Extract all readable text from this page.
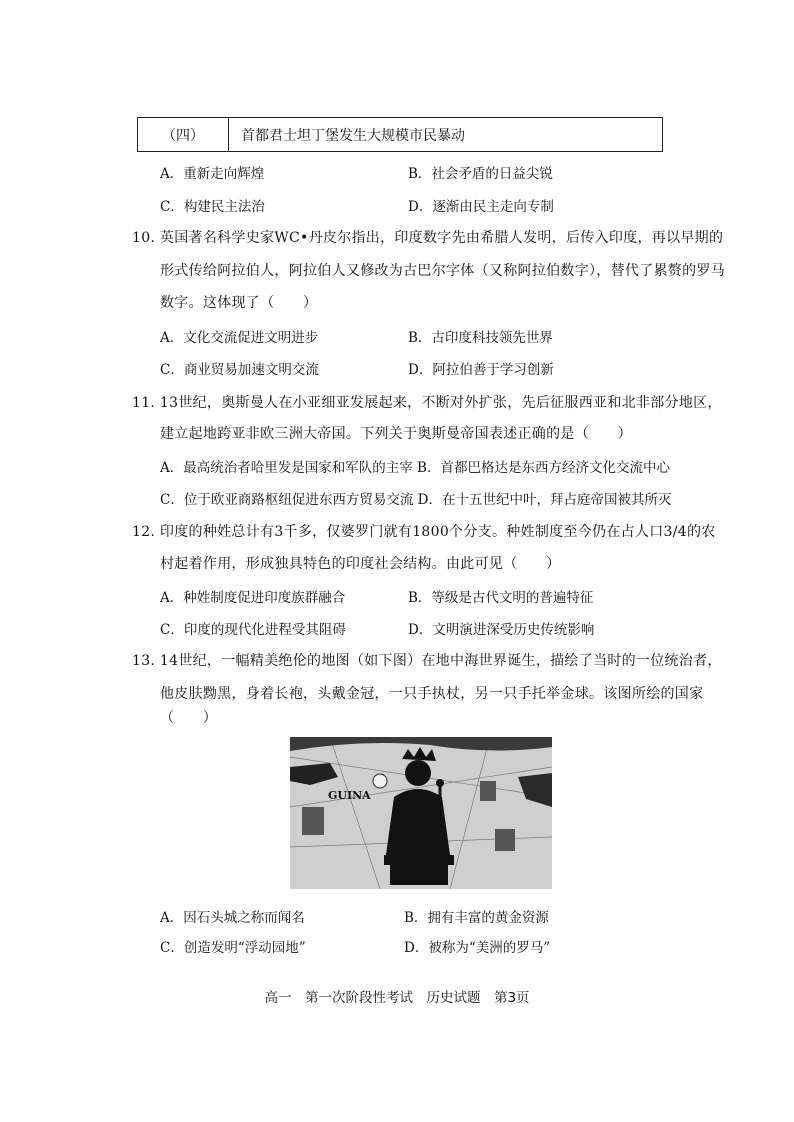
（四）	首都君士坦丁堡发生大规模市民暴动
A．重新走向辉煌	B．社会矛盾的日益尖锐
C．构建民主法治	D．逐渐由民主走向专制
10. 英国著名科学史家WC•丹皮尔指出，印度数字先由希腊人发明，后传入印度，再以早期的
形式传给阿拉伯人，阿拉伯人又修改为古巴尔字体（又称阿拉伯数字），替代了累赘的罗马
数字。这体现了（　　）
A．文化交流促进文明进步	B．古印度科技领先世界
C．商业贸易加速文明交流	D．阿拉伯善于学习创新
11. 13世纪，奥斯曼人在小亚细亚发展起来，不断对外扩张，先后征服西亚和北非部分地区，
建立起地跨亚非欧三洲大帝国。下列关于奥斯曼帝国表述正确的是（　　）
A．最高统治者哈里发是国家和军队的主宰 B．首都巴格达是东西方经济文化交流中心
C．位于欧亚商路枢纽促进东西方贸易交流 D．在十五世纪中叶，拜占庭帝国被其所灭
12. 印度的种姓总计有3千多，仅婆罗门就有1800个分支。种姓制度至今仍在占人口3/4的农
村起着作用，形成独具特色的印度社会结构。由此可见（　　）
A．种姓制度促进印度族群融合	B．等级是古代文明的普遍特征
C．印度的现代化进程受其阻碍	D．文明演进深受历史传统影响
13. 14世纪，一幅精美绝伦的地图（如下图）在地中海世界诞生，描绘了当时的一位统治者，
他皮肤黝黑，身着长袍，头戴金冠，一只手执杖，另一只手托举金球。该图所绘的国家
（　　）
GUINA
A．因石头城之称而闻名	B．拥有丰富的黄金资源
C．创造发明“浮动园地”	D．被称为“美洲的罗马”
高一　第一次阶段性考试　历史试题　第3页
